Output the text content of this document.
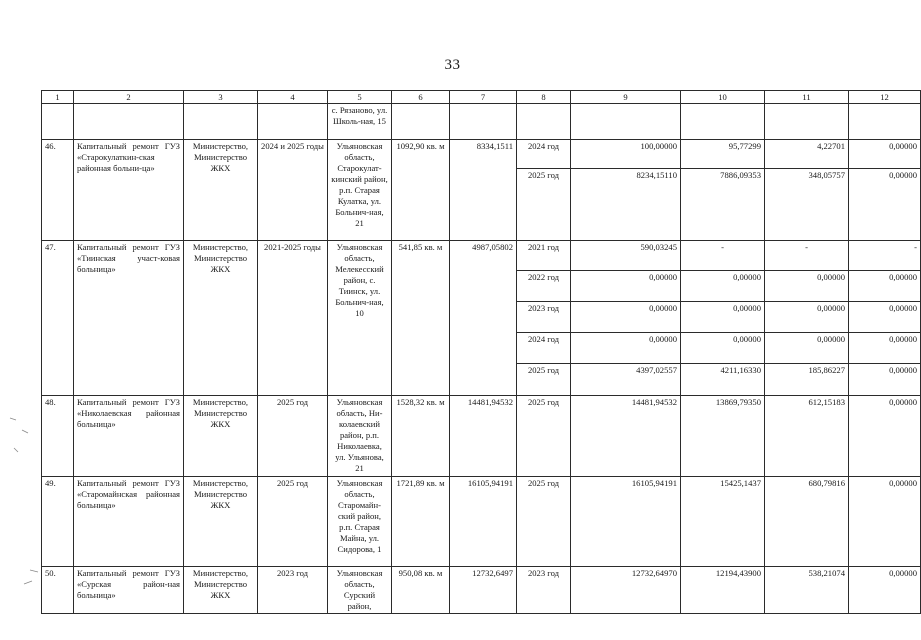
33
1	2	3	4	5	6	7	8	9	10	11	12
				с. Рязаново, ул. Школь-ная, 15							
46.	Капитальный ремонт ГУЗ «Старокулаткин-ская районная больни-ца»	Министерство, Министерство ЖКХ	2024 и 2025 годы	Ульяновская область, Старокулат-кинский район, р.п. Старая Кулатка, ул. Больнич-ная, 21	1092,90 кв. м	8334,1511	2024 год	100,00000	95,77299	4,22701	0,00000
							2025 год	8234,15110	7886,09353	348,05757	0,00000
47.	Капитальный ремонт ГУЗ «Тиинская участ-ковая больница»	Министерство, Министерство ЖКХ	2021-2025 годы	Ульяновская область, Мелекесский район, с. Тиинск, ул. Больнич-ная, 10	541,85 кв. м	4987,05802	2021 год	590,03245	-	-	-
							2022 год	0,00000	0,00000	0,00000	0,00000
							2023 год	0,00000	0,00000	0,00000	0,00000
							2024 год	0,00000	0,00000	0,00000	0,00000
							2025 год	4397,02557	4211,16330	185,86227	0,00000
48.	Капитальный ремонт ГУЗ «Николаевская районная больница»	Министерство, Министерство ЖКХ	2025 год	Ульяновская область, Ни-колаевский район, р.п. Николаевка, ул. Ульянова, 21	1528,32 кв. м	14481,94532	2025 год	14481,94532	13869,79350	612,15183	0,00000
49.	Капитальный ремонт ГУЗ «Старомайнская районная больница»	Министерство, Министерство ЖКХ	2025 год	Ульяновская область, Старомайн-ский район, р.п. Старая Майна, ул. Сидорова, 1	1721,89 кв. м	16105,94191	2025 год	16105,94191	15425,1437	680,79816	0,00000
50.	Капитальный ремонт ГУЗ «Сурская район-ная больница»	Министерство, Министерство ЖКХ	2023 год	Ульяновская область, Сурский район,	950,08 кв. м	12732,6497	2023 год	12732,64970	12194,43900	538,21074	0,00000
